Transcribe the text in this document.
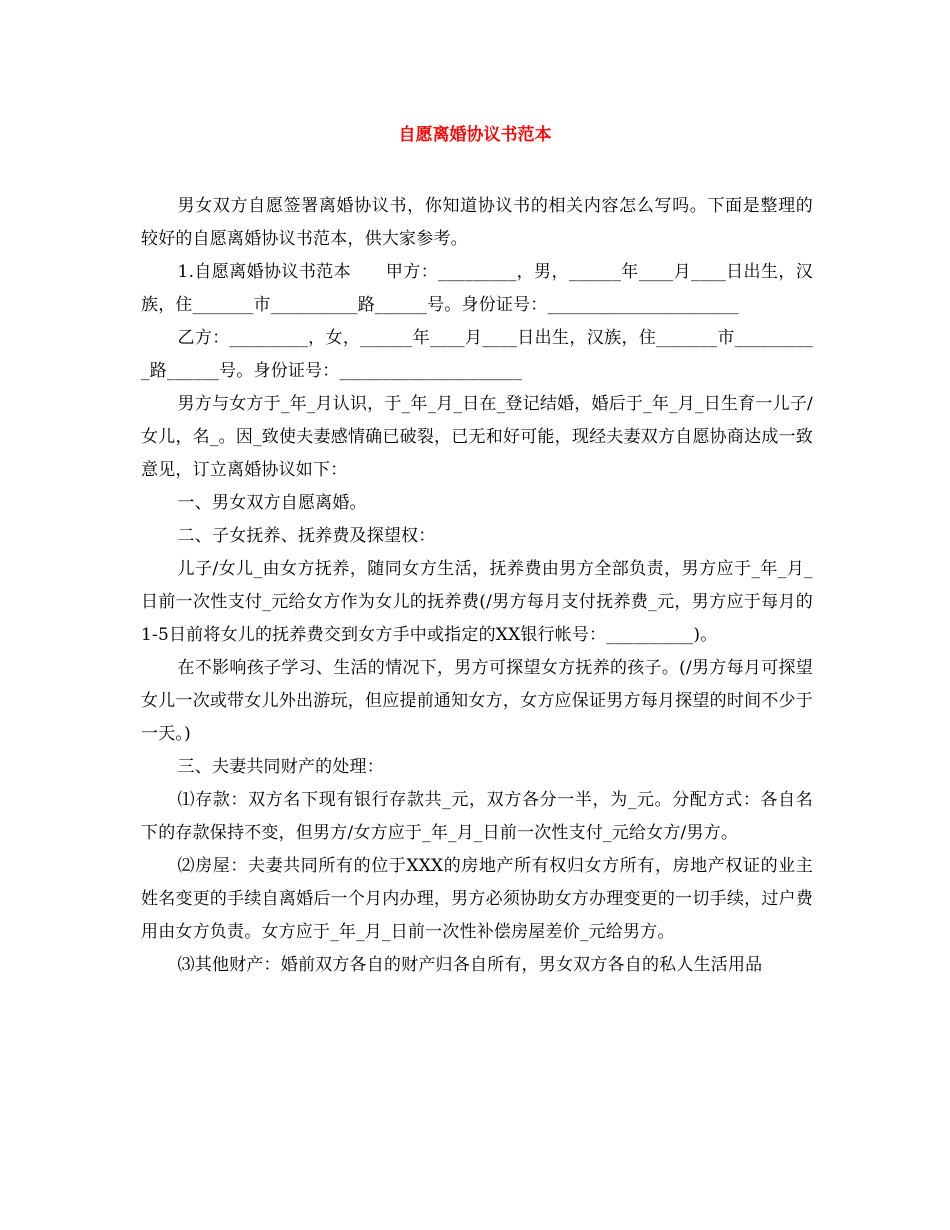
自愿离婚协议书范本

男女双方自愿签署离婚协议书，你知道协议书的相关内容怎么写吗。下面是整理的较好的自愿离婚协议书范本，供大家参考。

1.自愿离婚协议书范本　　甲方：_________，男，______年____月____日出生，汉族，住_______市__________路______号。身份证号：______________________

乙方：_________，女，______年____月____日出生，汉族，住_______市__________路______号。身份证号：_____________________

男方与女方于_年_月认识，于_年_月_日在_登记结婚，婚后于_年_月_日生育一儿子/女儿，名_。因_致使夫妻感情确已破裂，已无和好可能，现经夫妻双方自愿协商达成一致意见，订立离婚协议如下：

一、男女双方自愿离婚。

二、子女抚养、抚养费及探望权：

儿子/女儿_由女方抚养，随同女方生活，抚养费由男方全部负责，男方应于_年_月_日前一次性支付_元给女方作为女儿的抚养费(/男方每月支付抚养费_元，男方应于每月的1-5日前将女儿的抚养费交到女方手中或指定的XX银行帐号：__________)。

在不影响孩子学习、生活的情况下，男方可探望女方抚养的孩子。(/男方每月可探望女儿一次或带女儿外出游玩，但应提前通知女方，女方应保证男方每月探望的时间不少于一天。)

三、夫妻共同财产的处理：

⑴存款：双方名下现有银行存款共_元，双方各分一半，为_元。分配方式：各自名下的存款保持不变，但男方/女方应于_年_月_日前一次性支付_元给女方/男方。

⑵房屋：夫妻共同所有的位于XXX的房地产所有权归女方所有，房地产权证的业主姓名变更的手续自离婚后一个月内办理，男方必须协助女方办理变更的一切手续，过户费用由女方负责。女方应于_年_月_日前一次性补偿房屋差价_元给男方。

⑶其他财产：婚前双方各自的财产归各自所有，男女双方各自的私人生活用品
